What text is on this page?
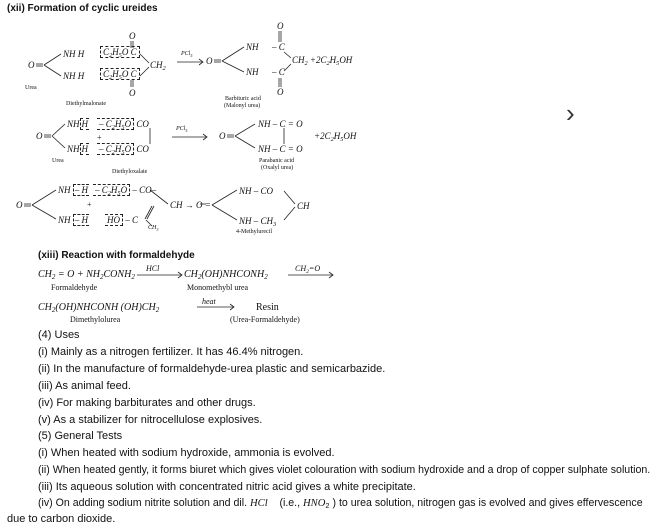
(xii) Formation of cyclic ureides
O
NH H
NH H
$C_2H_5O$ C
$C_2H_5O$ C
O
O
$CH_2$
Urea
Diethylmalonate
PCl$_5$
O
NH
NH
– C
– C
O
O
$CH_2 +2C_2H_5OH$
Barbituric acid
(Malonyl urea)
O
NH H
NH H
– $C_2H_5O$ CO
– $C_2H_5O$ CO
+
Urea
Diethyloxalate
PCl$_5$
O
NH – C = O
NH – C = O
$+2C_2H_5OH$
Parabanic acid
(Oxalyl urea)
O
NH – H – $C_2H_5O - CO-$
+
NH – H HO – C
CH → O =
$CH_3$
NH – CO
CH
NH – $CH_3$
4-Methylurecil
›
(xiii) Reaction with formaldehyde
$CH_2 = O$ + $NH_2CONH_2$
HCl
$CH_2(OH)NHCONH_2$
$CH_2=O$
Formaldehyde	Monomethybl urea
$CH_2(OH)NHCONH$ $(OH)CH_2$
heat
Resin
Dimethylolurea	(Urea-Formaldehyde)
(4) Uses
(i) Mainly as a nitrogen fertilizer. It has 46.4% nitrogen.
(ii) In the manufacture of formaldehyde-urea plastic and semicarbazide.
(iii) As animal feed.
(iv) For making barbiturates and other drugs.
(v) As a stabilizer for nitrocellulose explosives.
(5) General Tests
(i) When heated with sodium hydroxide, ammonia is evolved.
(ii) When heated gently, it forms biuret which gives violet colouration with sodium hydroxide and a drop of copper sulphate solution.
(iii) Its aqueous solution with concentrated nitric acid gives a white precipitate.
(iv) On adding sodium nitrite solution and dil. HCl (i.e., $HNO_2$ ) to urea solution, nitrogen gas is evolved and gives effervescence
due to carbon dioxide.
